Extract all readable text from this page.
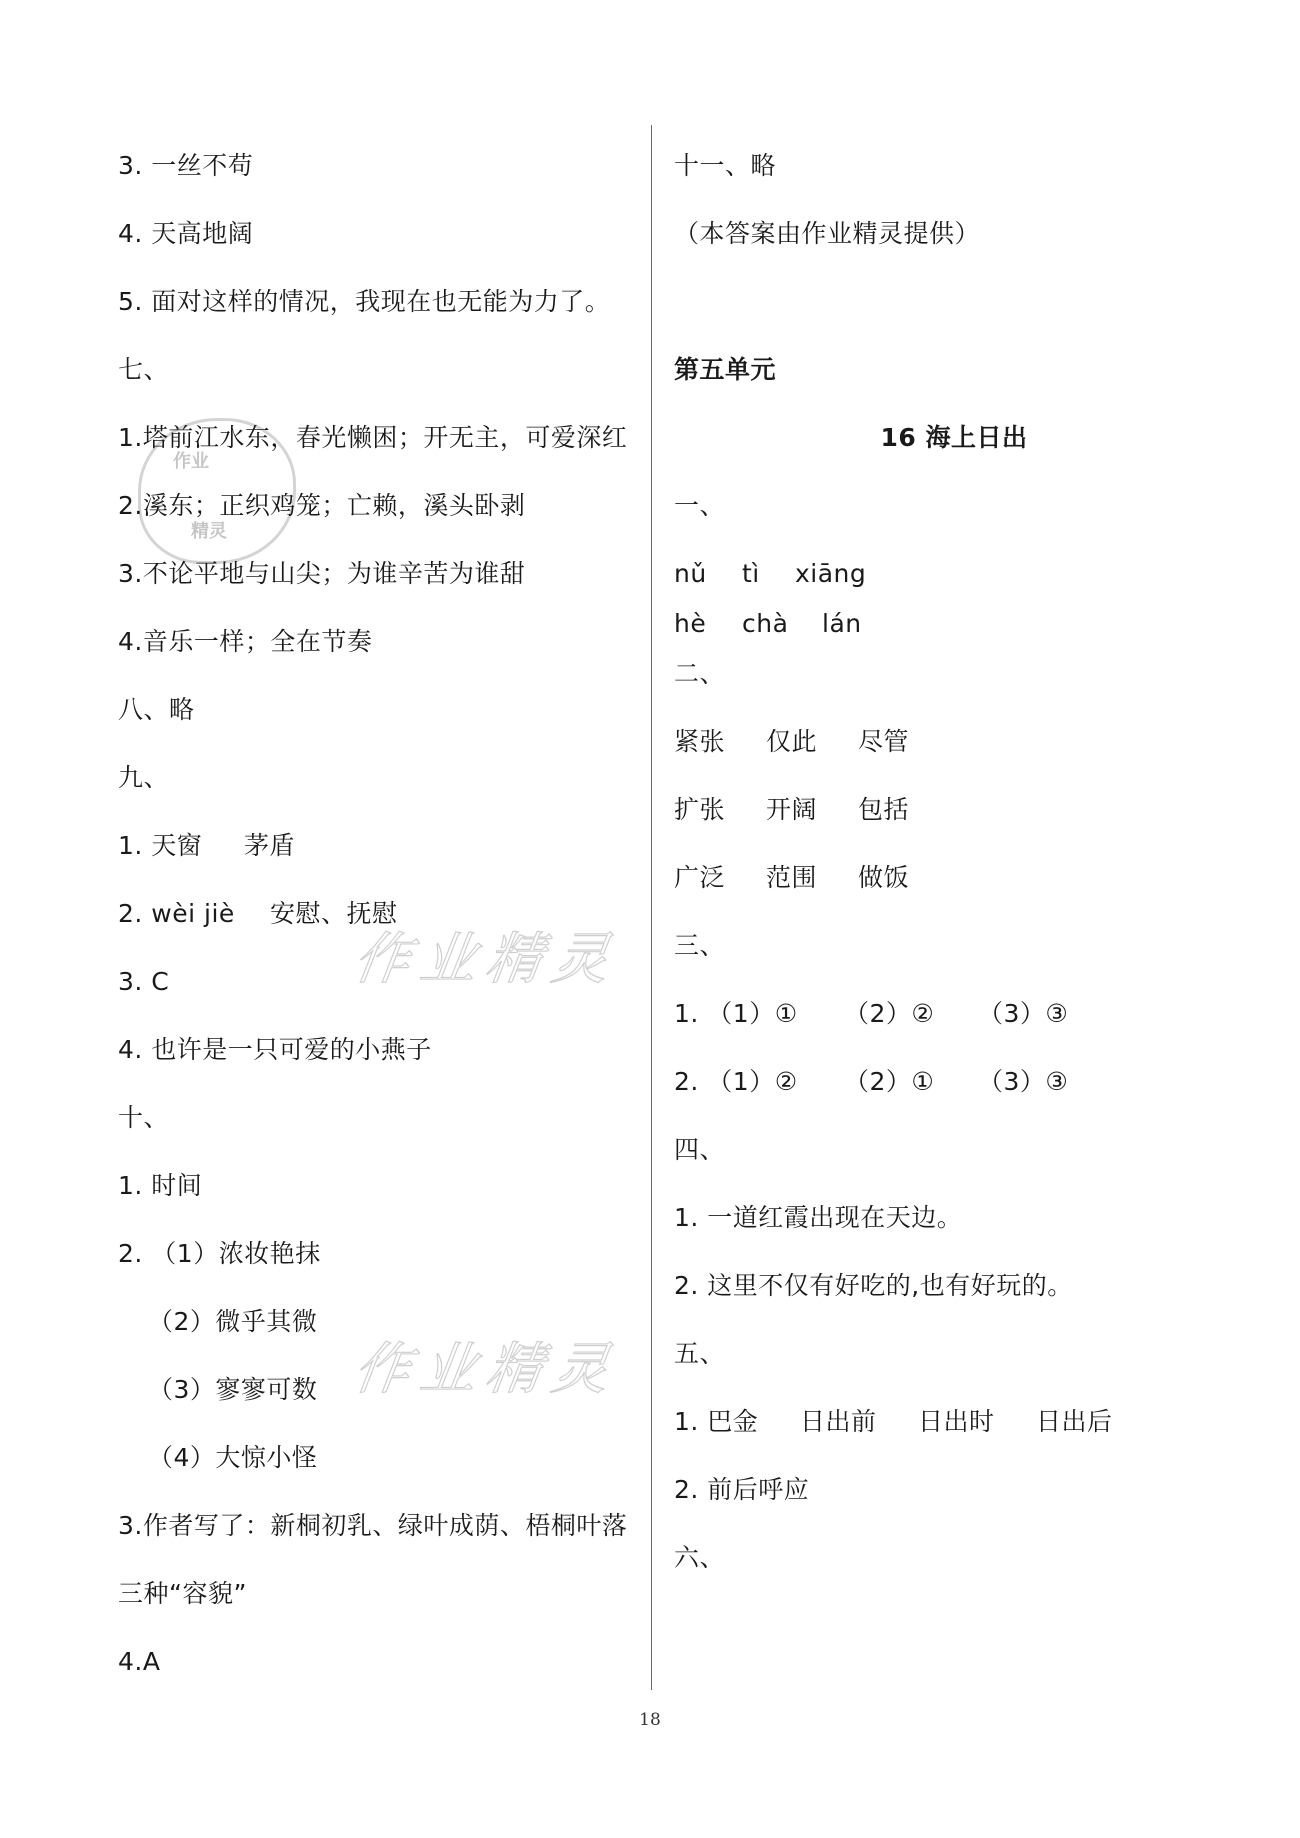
作业
精灵
作业精灵
作业精灵
3. 一丝不苟
4. 天高地阔
5. 面对这样的情况，我现在也无能为力了。
七、
1.塔前江水东，春光懒困；开无主，可爱深红
2.溪东；正织鸡笼；亡赖，溪头卧剥
3.不论平地与山尖；为谁辛苦为谁甜
4.音乐一样；全在节奏
八、略
九、
1. 天窗 茅盾
2. wèi jiè 安慰、抚慰
3. C
4. 也许是一只可爱的小燕子
十、
1. 时间
2. （1）浓妆艳抹
（2）微乎其微
（3）寥寥可数
（4）大惊小怪
3.作者写了：新桐初乳、绿叶成荫、梧桐叶落
三种“容貌”
4.A
十一、略
（本答案由作业精灵提供）
第五单元
16 海上日出
一、
nǔ tì xiāng
hè chà lán
二、
紧张 仅此 尽管
扩张 开阔 包括
广泛 范围 做饭
三、
1. （1）① （2）② （3）③
2. （1）② （2）① （3）③
四、
1. 一道红霞出现在天边。
2. 这里不仅有好吃的,也有好玩的。
五、
1. 巴金 日出前 日出时 日出后
2. 前后呼应
六、
18
